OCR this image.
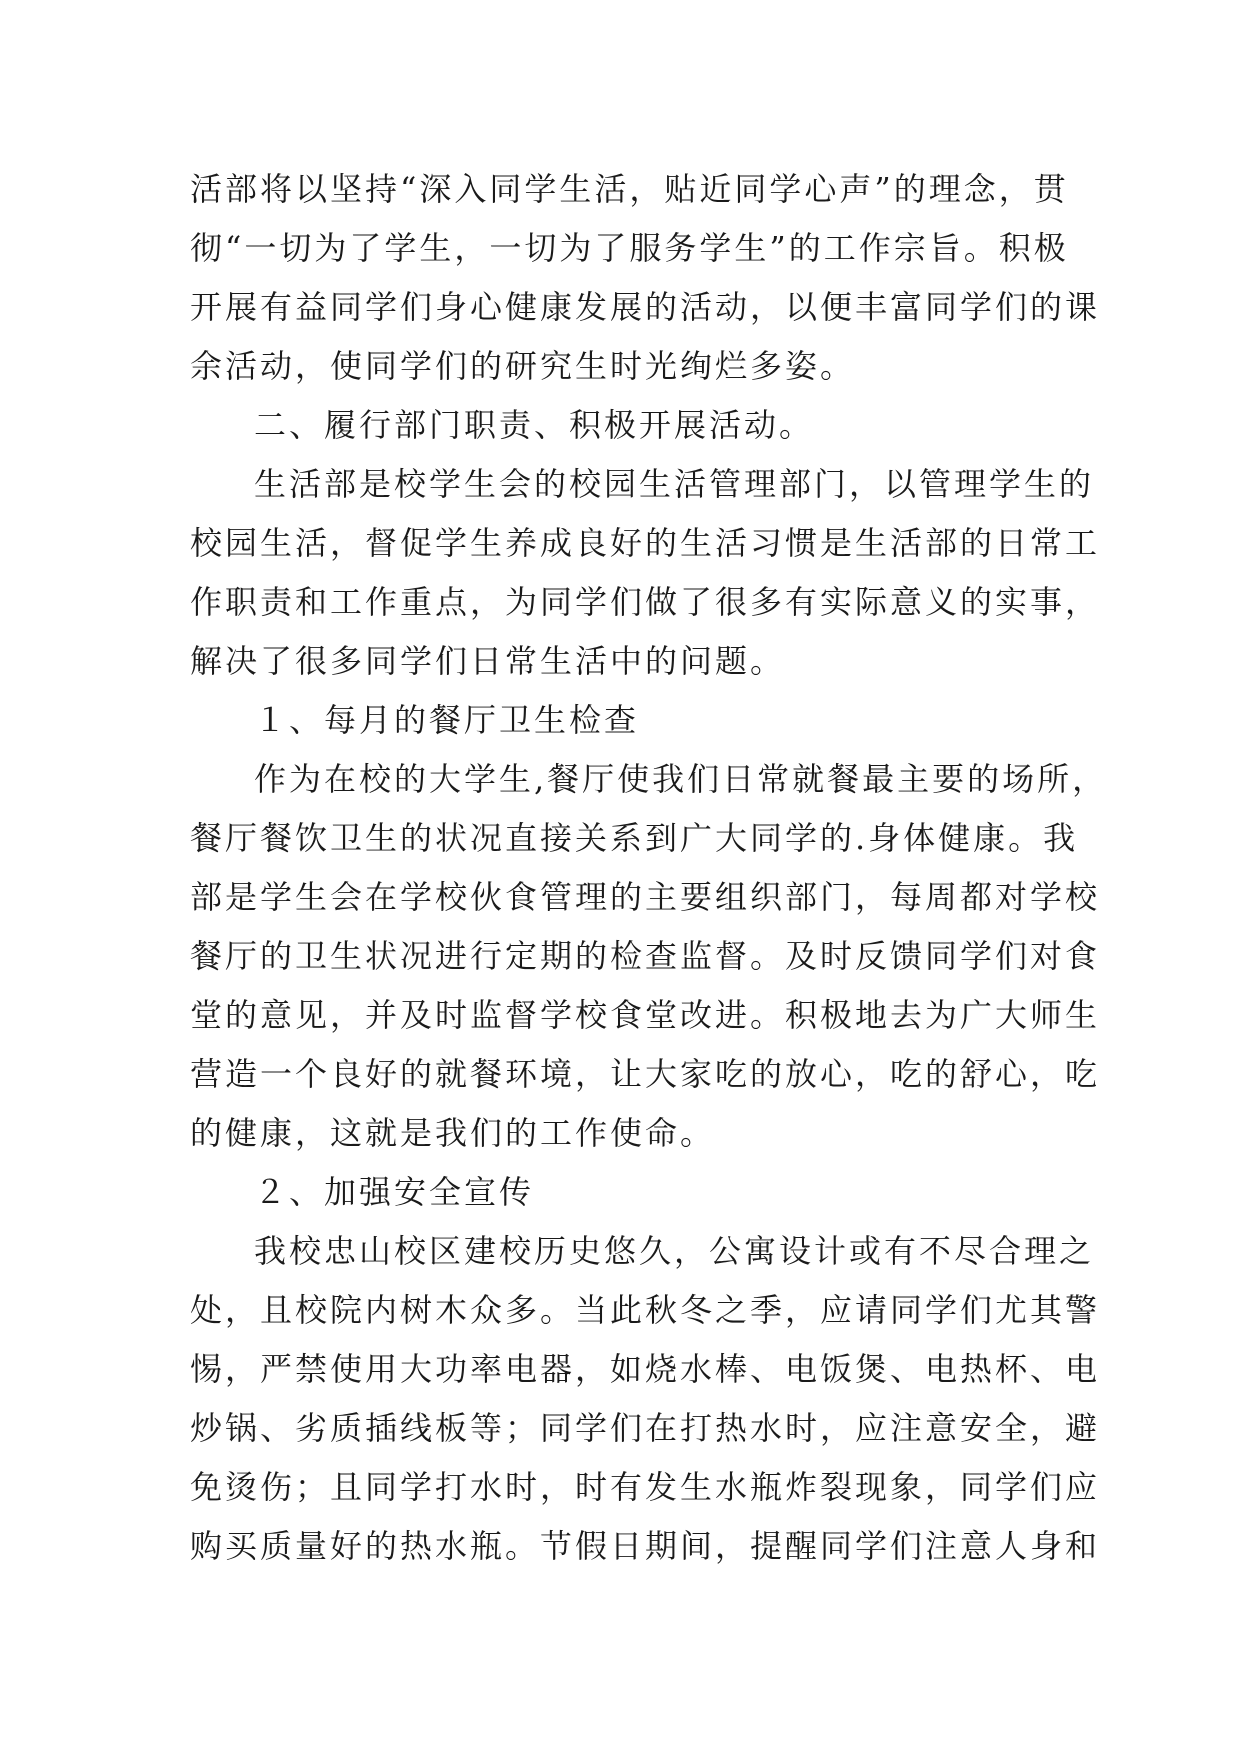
活部将以坚持“深入同学生活，贴近同学心声”的理念，贯

彻“一切为了学生，一切为了服务学生”的工作宗旨。积极

开展有益同学们身心健康发展的活动，以便丰富同学们的课

余活动，使同学们的研究生时光绚烂多姿。

二、履行部门职责、积极开展活动。

生活部是校学生会的校园生活管理部门，以管理学生的

校园生活，督促学生养成良好的生活习惯是生活部的日常工

作职责和工作重点，为同学们做了很多有实际意义的实事，

解决了很多同学们日常生活中的问题。

１、每月的餐厅卫生检查

作为在校的大学生,餐厅使我们日常就餐最主要的场所，

餐厅餐饮卫生的状况直接关系到广大同学的.身体健康。我

部是学生会在学校伙食管理的主要组织部门，每周都对学校

餐厅的卫生状况进行定期的检查监督。及时反馈同学们对食

堂的意见，并及时监督学校食堂改进。积极地去为广大师生

营造一个良好的就餐环境，让大家吃的放心，吃的舒心，吃

的健康，这就是我们的工作使命。

２、加强安全宣传

我校忠山校区建校历史悠久，公寓设计或有不尽合理之

处，且校院内树木众多。当此秋冬之季，应请同学们尤其警

惕，严禁使用大功率电器，如烧水棒、电饭煲、电热杯、电

炒锅、劣质插线板等；同学们在打热水时，应注意安全，避

免烫伤；且同学打水时，时有发生水瓶炸裂现象，同学们应

购买质量好的热水瓶。节假日期间，提醒同学们注意人身和
